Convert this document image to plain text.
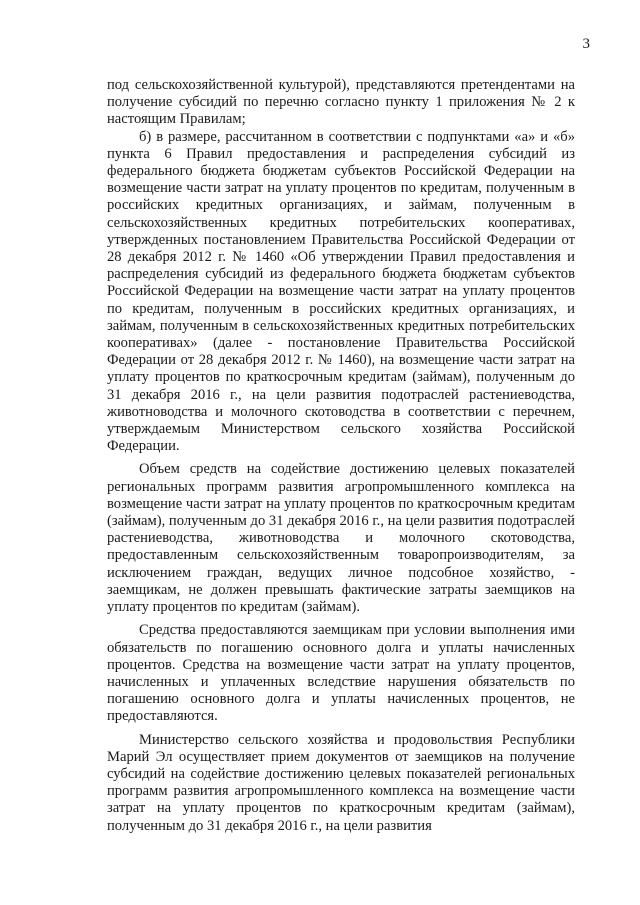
3

под сельскохозяйственной культурой), представляются претендентами на получение субсидий по перечню согласно пункту 1 приложения № 2 к настоящим Правилам;

б) в размере, рассчитанном в соответствии с подпунктами «а» и «б» пункта 6 Правил предоставления и распределения субсидий из федерального бюджета бюджетам субъектов Российской Федерации на возмещение части затрат на уплату процентов по кредитам, полученным в российских кредитных организациях, и займам, полученным в сельскохозяйственных кредитных потребительских кооперативах, утвержденных постановлением Правительства Российской Федерации от 28 декабря 2012 г. № 1460 «Об утверждении Правил предоставления и распределения субсидий из федерального бюджета бюджетам субъектов Российской Федерации на возмещение части затрат на уплату процентов по кредитам, полученным в российских кредитных организациях, и займам, полученным в сельскохозяйственных кредитных потребительских кооперативах» (далее - постановление Правительства Российской Федерации от 28 декабря 2012 г. № 1460), на возмещение части затрат на уплату процентов по краткосрочным кредитам (займам), полученным до 31 декабря 2016 г., на цели развития подотраслей растениеводства, животноводства и молочного скотоводства в соответствии с перечнем, утверждаемым Министерством сельского хозяйства Российской Федерации.

Объем средств на содействие достижению целевых показателей региональных программ развития агропромышленного комплекса на возмещение части затрат на уплату процентов по краткосрочным кредитам (займам), полученным до 31 декабря 2016 г., на цели развития подотраслей растениеводства, животноводства и молочного скотоводства, предоставленным сельскохозяйственным товаропроизводителям, за исключением граждан, ведущих личное подсобное хозяйство, - заемщикам, не должен превышать фактические затраты заемщиков на уплату процентов по кредитам (займам).

Средства предоставляются заемщикам при условии выполнения ими обязательств по погашению основного долга и уплаты начисленных процентов. Средства на возмещение части затрат на уплату процентов, начисленных и уплаченных вследствие нарушения обязательств по погашению основного долга и уплаты начисленных процентов, не предоставляются.

Министерство сельского хозяйства и продовольствия Республики Марий Эл осуществляет прием документов от заемщиков на получение субсидий на содействие достижению целевых показателей региональных программ развития агропромышленного комплекса на возмещение части затрат на уплату процентов по краткосрочным кредитам (займам), полученным до 31 декабря 2016 г., на цели развития
